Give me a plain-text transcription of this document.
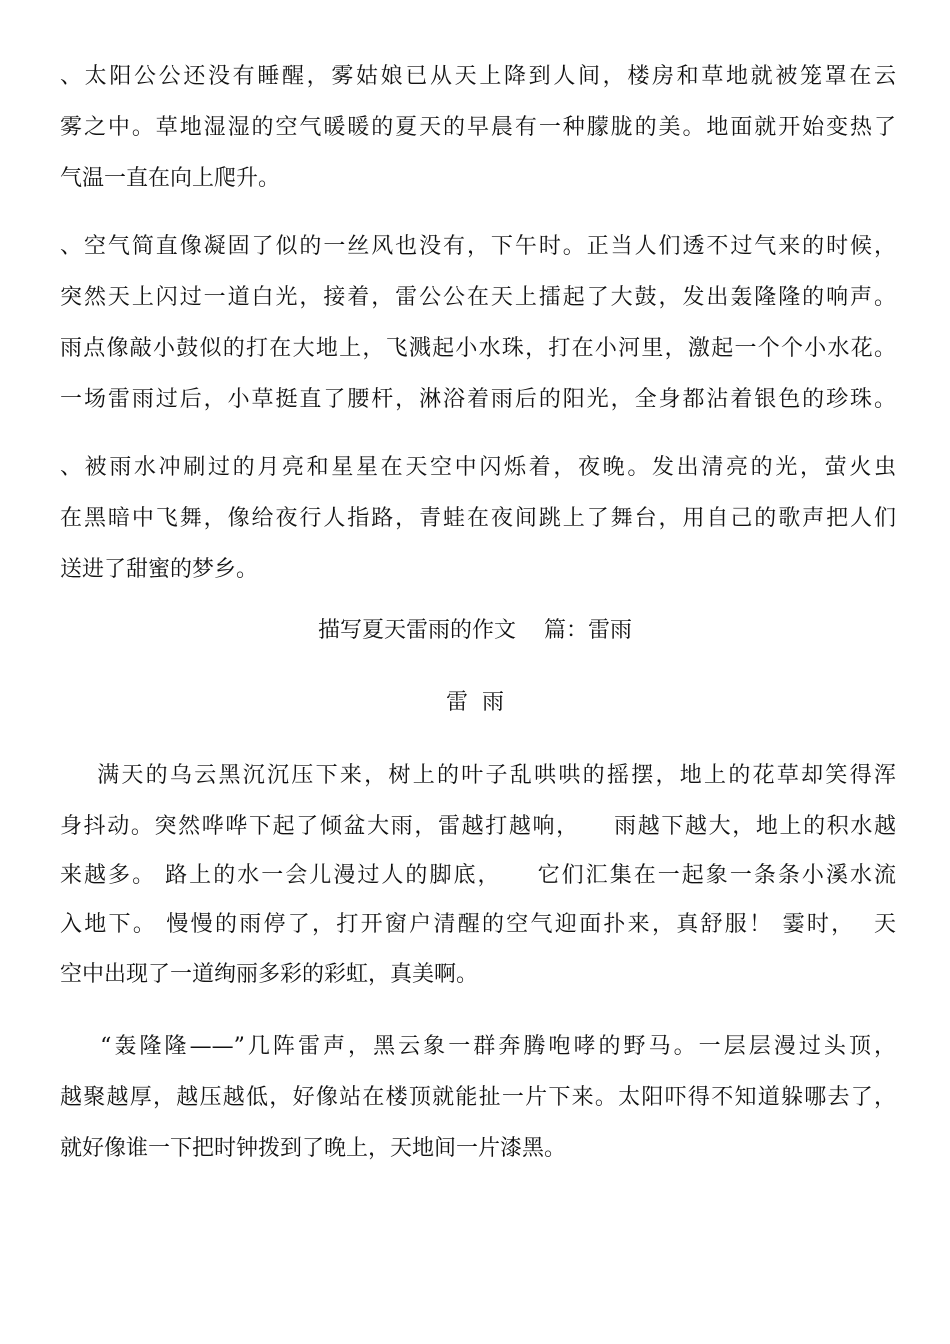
、太阳公公还没有睡醒，雾姑娘已从天上降到人间，楼房和草地就被笼罩在云
雾之中。草地湿湿的空气暖暖的夏天的早晨有一种朦胧的美。地面就开始变热了
气温一直在向上爬升。
、空气简直像凝固了似的一丝风也没有，下午时。正当人们透不过气来的时候，
突然天上闪过一道白光，接着，雷公公在天上擂起了大鼓，发出轰隆隆的响声。
雨点像敲小鼓似的打在大地上，飞溅起小水珠，打在小河里，激起一个个小水花。
一场雷雨过后，小草挺直了腰杆，淋浴着雨后的阳光，全身都沾着银色的珍珠。
、被雨水冲刷过的月亮和星星在天空中闪烁着，夜晚。发出清亮的光，萤火虫
在黑暗中飞舞，像给夜行人指路，青蛙在夜间跳上了舞台，用自己的歌声把人们
送进了甜蜜的梦乡。
描写夏天雷雨的作文    篇：雷雨
雷  雨
满天的乌云黑沉沉压下来，树上的叶子乱哄哄的摇摆，地上的花草却笑得浑
身抖动。突然哗哗下起了倾盆大雨，雷越打越响，    雨越下越大，地上的积水越
来越多。 路上的水一会儿漫过人的脚底，    它们汇集在一起象一条条小溪水流
入地下。 慢慢的雨停了，打开窗户清醒的空气迎面扑来，真舒服！ 霎时，  天
空中出现了一道绚丽多彩的彩虹，真美啊。
“轰隆隆——”几阵雷声，黑云象一群奔腾咆哮的野马。一层层漫过头顶，
越聚越厚，越压越低，好像站在楼顶就能扯一片下来。太阳吓得不知道躲哪去了，
就好像谁一下把时钟拨到了晚上，天地间一片漆黑。
